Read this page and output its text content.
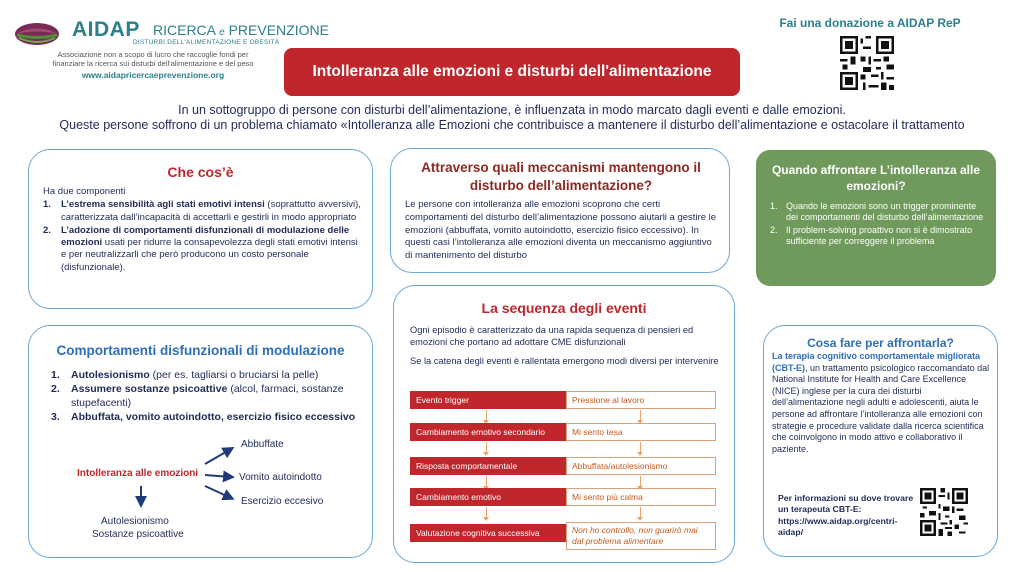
AIDAP RICERCA e PREVENZIONE
DISTURBI DELL'ALIMENTAZIONE E OBESITÀ
Associazione non a scopo di lucro che raccoglie fondi per
finanziare la ricerca sui disturbi dell'alimentazione e del peso
www.aidapricercaeprevenzione.org	Intolleranza alle emozioni e disturbi dell'alimentazione
Fai una donazione a AIDAP ReP
In un sottogruppo di persone con disturbi dell’alimentazione, è influenzata in modo marcato dagli eventi e dalle emozioni.
Queste persone soffrono di un problema chiamato «Intolleranza alle Emozioni che contribuisce a mantenere il disturbo dell’alimentazione e ostacolare il trattamento
Che cos’è
Ha due componenti
1.	L’estrema sensibilità agli stati emotivi intensi (soprattutto avversivi), caratterizzata dall’incapacità di accettarli e gestirli in modo appropriato
2.	L’adozione di comportamenti disfunzionali di modulazione delle emozioni usati per ridurre la consapevolezza degli stati emotivi intensi e per neutralizzarli che però producono un costo personale (disfunzionale).
Attraverso quali meccanismi mantengono il disturbo dell’alimentazione?
Le persone con intolleranza alle emozioni scoprono che certi comportamenti del disturbo dell’alimentazione possono aiutarli a gestire le emozioni (abbuffata, vomito autoindotto, esercizio fisico eccessivo). In questi casi l’intolleranza alle emozioni diventa un meccanismo aggiuntivo di mantenimento del disturbo
Quando affrontare L’intolleranza alle emozioni?
1. Quando le emozioni sono un trigger prominente dei comportamenti del disturbo dell’alimentazione
2. Il problem-solving proattivo non si è dimostrato sufficiente per correggere il problema
Comportamenti disfunzionali di modulazione
1.	Autolesionismo (per es. tagliarsi o bruciarsi la pelle)
2.	Assumere sostanze psicoattive (alcol, farmaci, sostanze stupefacenti)
3.	Abbuffata, vomito autoindotto, esercizio fisico eccessivo
Intolleranza alle emozioni
Abbuffate
Vomito autoindotto
Esercizio eccesivo
Autolesionismo
Sostanze psicoattive
La sequenza degli eventi
Ogni episodio è caratterizzato da una rapida sequenza di pensieri ed emozioni che portano ad adottare CME disfunzionali
Se la catena degli eventi è rallentata emergono modi diversi per intervenire
Evento trigger	Pressione al lavoro
Cambiamento emotivo secondario	Mi sento tesa
Risposta comportamentale	Abbuffata/autolesionismo
Cambiamento emotivo	Mi sento più calma
Valutazione cognitiva successiva	Non ho controllo, non guarirò mai dal problema alimentare
Cosa fare per affrontarla?
La terapia cognitivo comportamentale migliorata (CBT-E), un trattamento psicologico raccomandato dal National Institute for Health and Care Excellence (NICE) inglese per la cura dei disturbi dell’alimentazione negli adulti e adolescenti, aiuta le persone ad affrontare l’intolleranza alle emozioni con strategie e procedure validate dalla ricerca scientifica che coinvolgono in modo attivo e collaborativo il paziente.
Per informazioni su dove trovare un terapeuta CBT-E: https://www.aidap.org/centri-aidap/
